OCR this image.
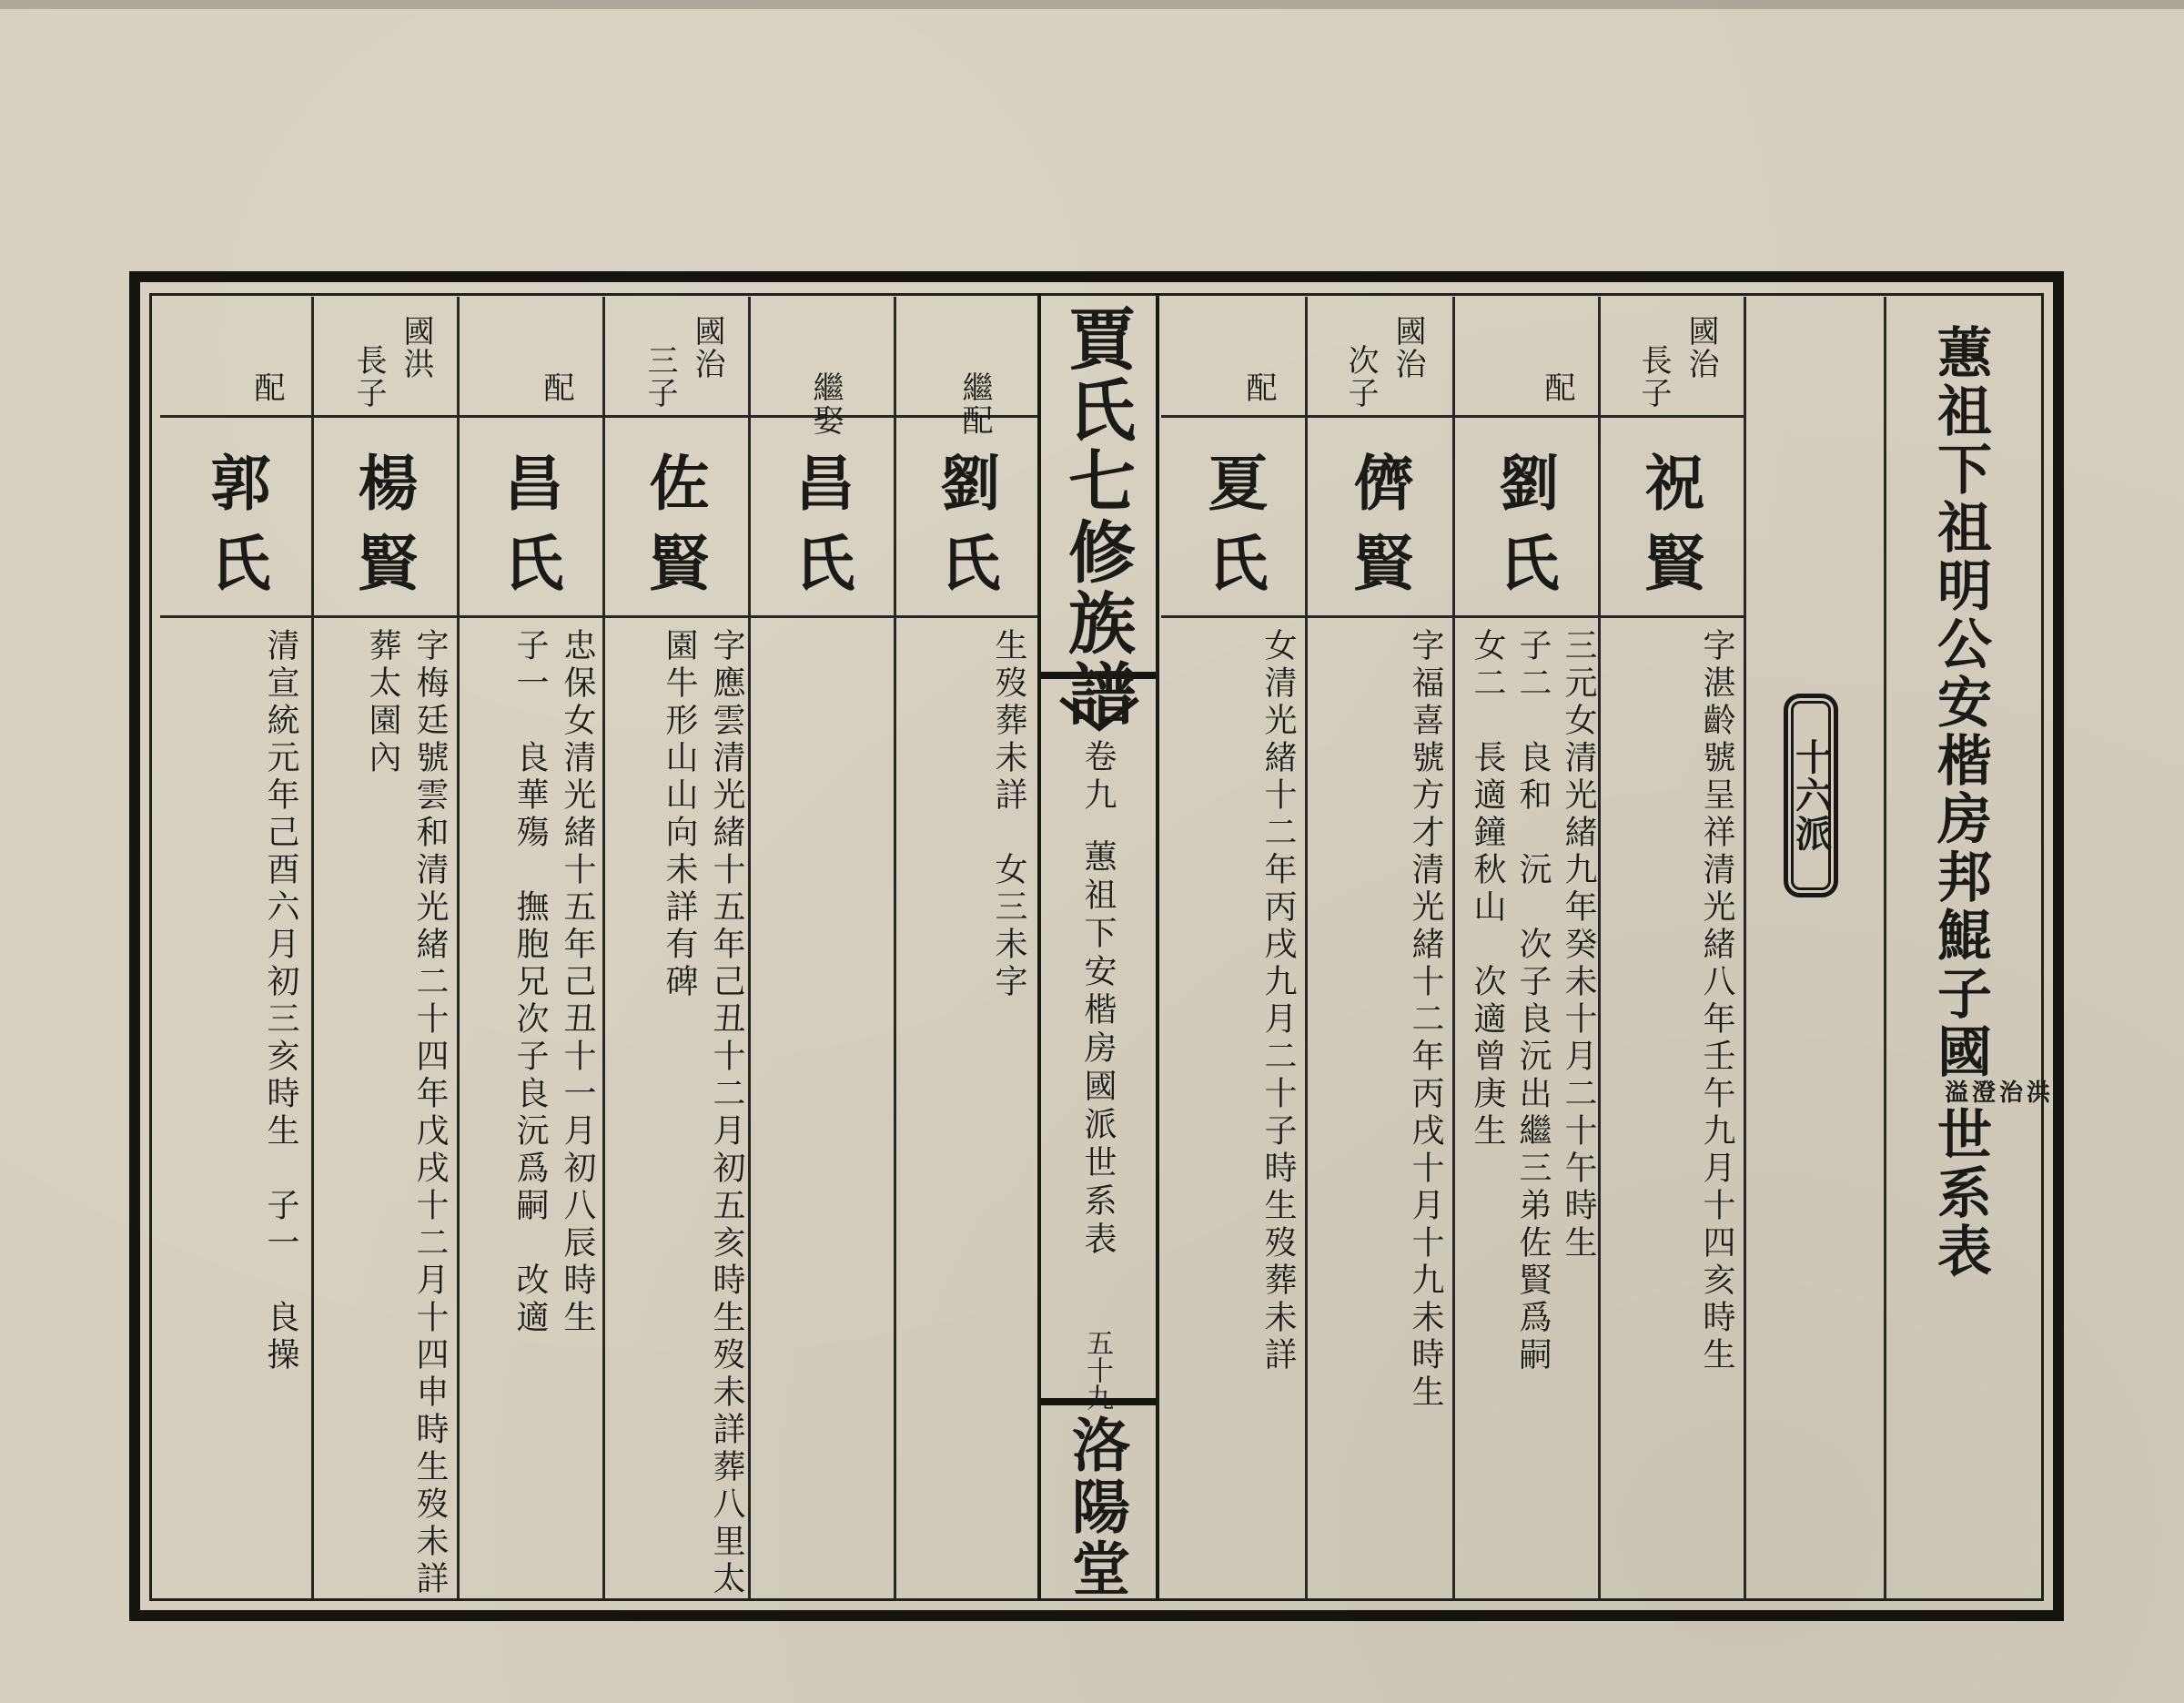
賈氏七修族譜
卷九
蕙祖下安楷房國派世系表
五十九
洛陽堂
蕙祖下祖明公安楷房邦鯤子國溢澄治洪世系表
十六派
國治
長子
祝賢
字湛齡號呈祥清光緒八年壬午九月十四亥時生
配
劉氏
三元女清光緒九年癸未十月二十午時生
子二　良和　沅　次子良沅出繼三弟佐賢爲嗣
女二　長適鐘秋山　次適曾庚生
國治
次子
儕賢
字福喜號方才清光緒十二年丙戌十月十九未時生
配
夏氏
女清光緒十二年丙戌九月二十子時生歿葬未詳
繼配
劉氏
生歿葬未詳　女三未字
繼娶
昌氏
字應雲清光緒十五年己丑十二月初五亥時生歿未詳葬八里太
園牛形山山向未詳有碑
國治
三子
佐賢
配
昌氏
忠保女清光緒十五年己丑十一月初八辰時生
子一　良華殤　撫胞兄次子良沅爲嗣　改適
國洪
長子
楊賢
字梅廷號雲和清光緒二十四年戊戌十二月十四申時生歿未詳
葬太園內
配
郭氏
清宣統元年己酉六月初三亥時生　子一　良操
